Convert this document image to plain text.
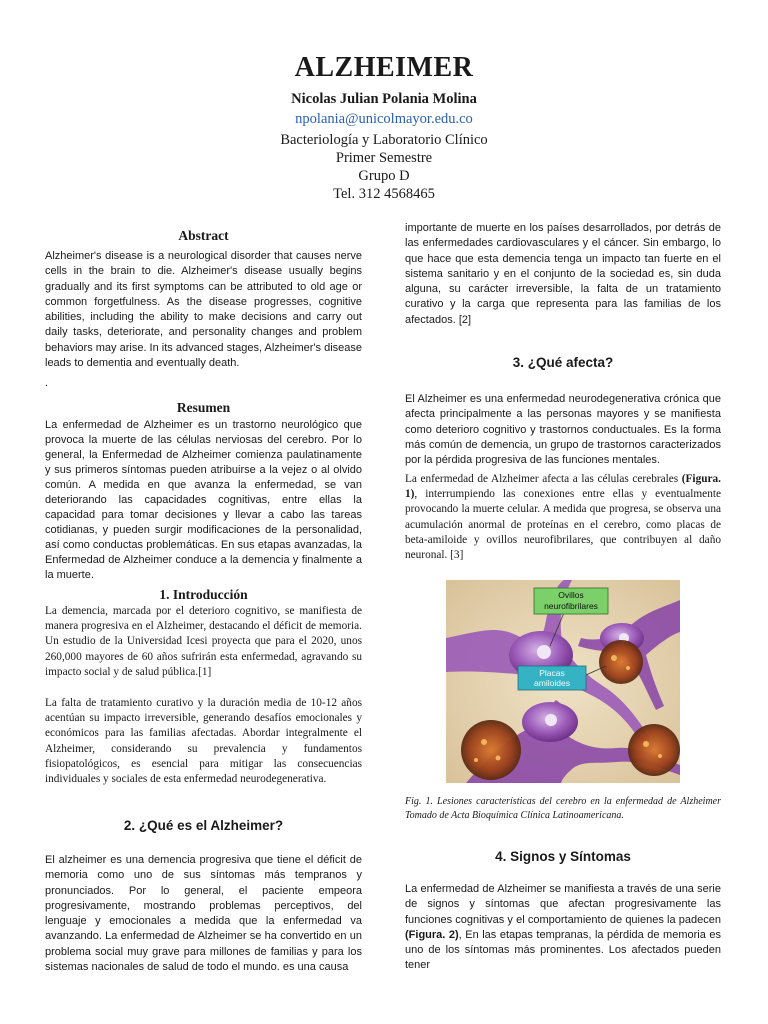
ALZHEIMER
Nicolas Julian Polania Molina
npolania@unicolmayor.edu.co
Bacteriología y Laboratorio Clínico
Primer Semestre
Grupo D
Tel. 312 4568465
Abstract
Alzheimer's disease is a neurological disorder that causes nerve cells in the brain to die. Alzheimer's disease usually begins gradually and its first symptoms can be attributed to old age or common forgetfulness. As the disease progresses, cognitive abilities, including the ability to make decisions and carry out daily tasks, deteriorate, and personality changes and problem behaviors may arise. In its advanced stages, Alzheimer's disease leads to dementia and eventually death.
.
Resumen
La enfermedad de Alzheimer es un trastorno neurológico que provoca la muerte de las células nerviosas del cerebro. Por lo general, la Enfermedad de Alzheimer comienza paulatinamente y sus primeros síntomas pueden atribuirse a la vejez o al olvido común. A medida en que avanza la enfermedad, se van deteriorando las capacidades cognitivas, entre ellas la capacidad para tomar decisiones y llevar a cabo las tareas cotidianas, y pueden surgir modificaciones de la personalidad, así como conductas problemáticas. En sus etapas avanzadas, la Enfermedad de Alzheimer conduce a la demencia y finalmente a la muerte.
1. Introducción
La demencia, marcada por el deterioro cognitivo, se manifiesta de manera progresiva en el Alzheimer, destacando el déficit de memoria. Un estudio de la Universidad Icesi proyecta que para el 2020, unos 260,000 mayores de 60 años sufrirán esta enfermedad, agravando su impacto social y de salud pública.[1]
La falta de tratamiento curativo y la duración media de 10-12 años acentúan su impacto irreversible, generando desafíos emocionales y económicos para las familias afectadas. Abordar integralmente el Alzheimer, considerando su prevalencia y fundamentos fisiopatológicos, es esencial para mitigar las consecuencias individuales y sociales de esta enfermedad neurodegenerativa.
2. ¿Qué es el Alzheimer?
El alzheimer es una demencia progresiva que tiene el déficit de memoria como uno de sus síntomas más tempranos y pronunciados. Por lo general, el paciente empeora progresivamente, mostrando problemas perceptivos, del lenguaje y emocionales a medida que la enfermedad va avanzando. La enfermedad de Alzheimer se ha convertido en un problema social muy grave para millones de familias y para los sistemas nacionales de salud de todo el mundo. es una causa
importante de muerte en los países desarrollados, por detrás de las enfermedades cardiovasculares y el cáncer. Sin embargo, lo que hace que esta demencia tenga un impacto tan fuerte en el sistema sanitario y en el conjunto de la sociedad es, sin duda alguna, su carácter irreversible, la falta de un tratamiento curativo y la carga que representa para las familias de los afectados. [2]
3. ¿Qué afecta?
El Alzheimer es una enfermedad neurodegenerativa crónica que afecta principalmente a las personas mayores y se manifiesta como deterioro cognitivo y trastornos conductuales. Es la forma más común de demencia, un grupo de trastornos caracterizados por la pérdida progresiva de las funciones mentales.
La enfermedad de Alzheimer afecta a las células cerebrales (Figura. 1), interrumpiendo las conexiones entre ellas y eventualmente provocando la muerte celular. A medida que progresa, se observa una acumulación anormal de proteínas en el cerebro, como placas de beta-amiloide y ovillos neurofibrilares, que contribuyen al daño neuronal. [3]
Ovillos
neurofibrilares
Placas
amiloides
Fig. 1. Lesiones características del cerebro en la enfermedad de Alzheimer Tomado de Acta Bioquímica Clínica Latinoamericana.
4. Signos y Síntomas
La enfermedad de Alzheimer se manifiesta a través de una serie de signos y síntomas que afectan progresivamente las funciones cognitivas y el comportamiento de quienes la padecen (Figura. 2), En las etapas tempranas, la pérdida de memoria es uno de los síntomas más prominentes. Los afectados pueden tener
